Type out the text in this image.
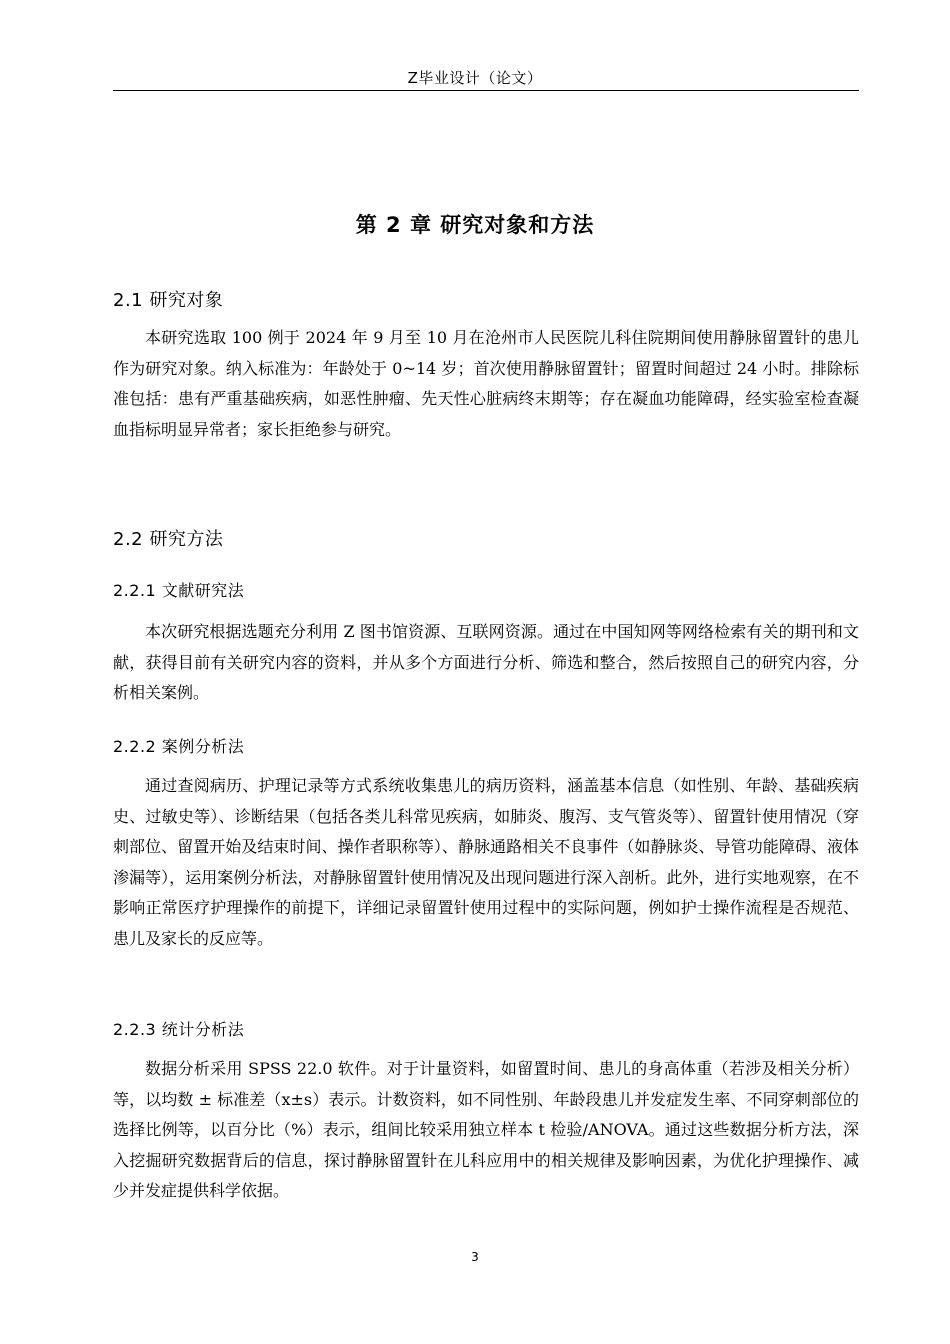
Z毕业设计（论文）
第 2 章 研究对象和方法
2.1 研究对象

本研究选取 100 例于 2024 年 9 月至 10 月在沧州市人民医院儿科住院期间使用静脉留置针的患儿作为研究对象。纳入标准为：年龄处于 0~14 岁；首次使用静脉留置针；留置时间超过 24 小时。排除标准包括：患有严重基础疾病，如恶性肿瘤、先天性心脏病终末期等；存在凝血功能障碍，经实验室检查凝血指标明显异常者；家长拒绝参与研究。

2.2 研究方法
2.2.1 文献研究法

本次研究根据选题充分利用 Z 图书馆资源、互联网资源。通过在中国知网等网络检索有关的期刊和文献，获得目前有关研究内容的资料，并从多个方面进行分析、筛选和整合，然后按照自己的研究内容，分析相关案例。

2.2.2 案例分析法

通过查阅病历、护理记录等方式系统收集患儿的病历资料，涵盖基本信息（如性别、年龄、基础疾病史、过敏史等）、诊断结果（包括各类儿科常见疾病，如肺炎、腹泻、支气管炎等）、留置针使用情况（穿刺部位、留置开始及结束时间、操作者职称等）、静脉通路相关不良事件（如静脉炎、导管功能障碍、液体渗漏等），运用案例分析法，对静脉留置针使用情况及出现问题进行深入剖析。此外，进行实地观察，在不影响正常医疗护理操作的前提下，详细记录留置针使用过程中的实际问题，例如护士操作流程是否规范、患儿及家长的反应等。

2.2.3 统计分析法

数据分析采用 SPSS 22.0 软件。对于计量资料，如留置时间、患儿的身高体重（若涉及相关分析）等，以均数 ± 标准差（x±s）表示。计数资料，如不同性别、年龄段患儿并发症发生率、不同穿刺部位的选择比例等，以百分比（%）表示，组间比较采用独立样本 t 检验/ANOVA。通过这些数据分析方法，深入挖掘研究数据背后的信息，探讨静脉留置针在儿科应用中的相关规律及影响因素，为优化护理操作、减少并发症提供科学依据。

3
